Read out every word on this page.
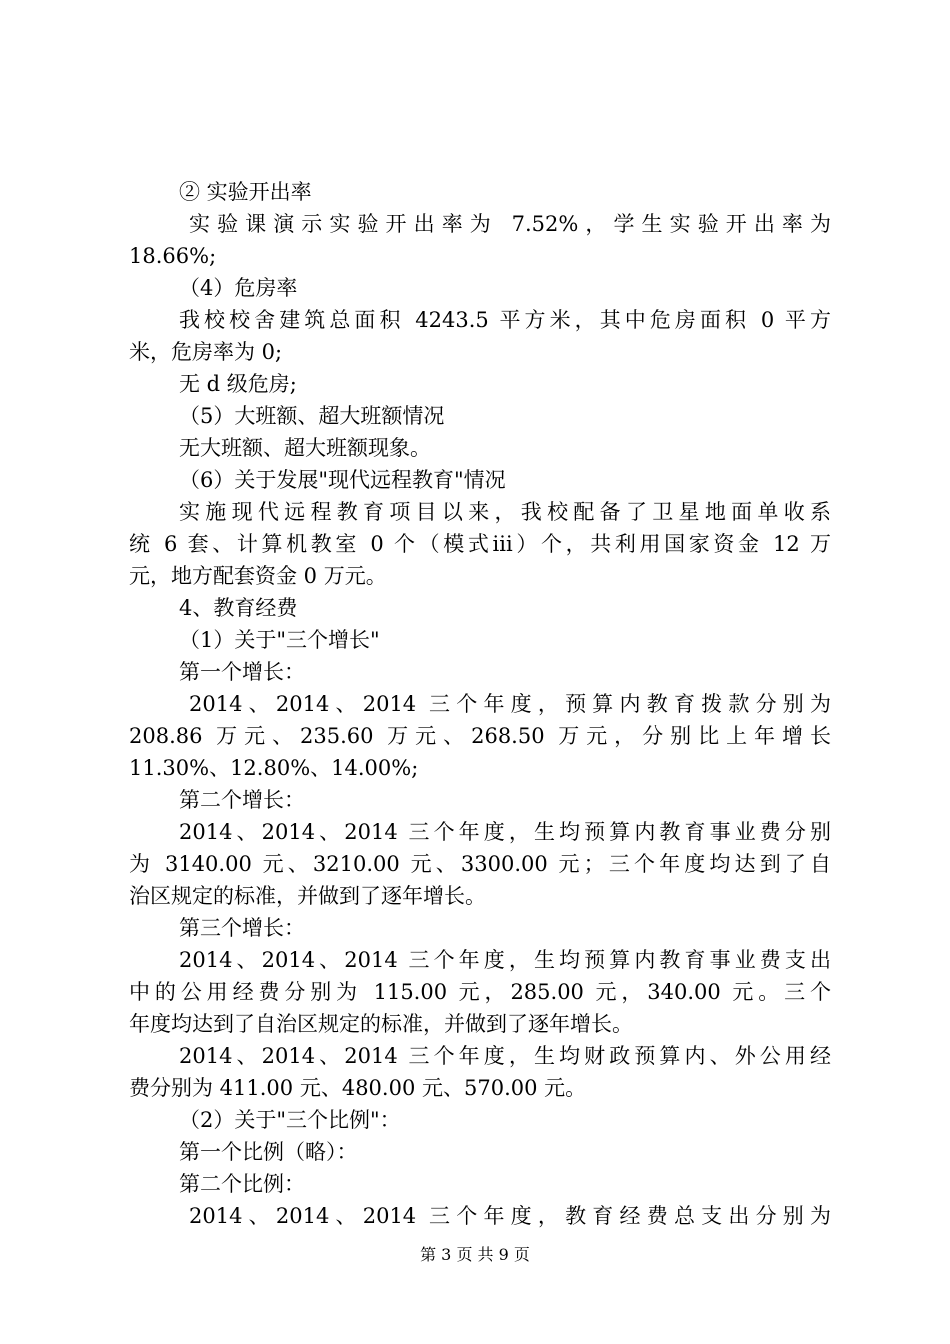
② 实验开出率
实验课演示实验开出率为 7.52%，学生实验开出率为
18.66%;
（4）危房率
我校校舍建筑总面积 4243.5 平方米，其中危房面积 0 平方
米，危房率为 0;
无 d 级危房;
（5）大班额、超大班额情况
无大班额、超大班额现象。
（6）关于发展"现代远程教育"情况
实施现代远程教育项目以来，我校配备了卫星地面单收系
统 6 套、计算机教室 0 个（模式iii）个，共利用国家资金 12 万
元，地方配套资金 0 万元。
4、教育经费
（1）关于"三个增长"
第一个增长：
2014、2014、2014 三个年度，预算内教育拨款分别为
208.86 万元、235.60 万元、268.50 万元，分别比上年增长
11.30%、12.80%、14.00%;
第二个增长：
2014、2014、2014 三个年度，生均预算内教育事业费分别
为 3140.00 元、3210.00 元、3300.00 元；三个年度均达到了自
治区规定的标准，并做到了逐年增长。
第三个增长：
2014、2014、2014 三个年度，生均预算内教育事业费支出
中的公用经费分别为 115.00 元，285.00 元，340.00 元。三个
年度均达到了自治区规定的标准，并做到了逐年增长。
2014、2014、2014 三个年度，生均财政预算内、外公用经
费分别为 411.00 元、480.00 元、570.00 元。
（2）关于"三个比例"：
第一个比例（略）：
第二个比例：
2014、2014、2014 三个年度，教育经费总支出分别为
第 3 页 共 9 页
